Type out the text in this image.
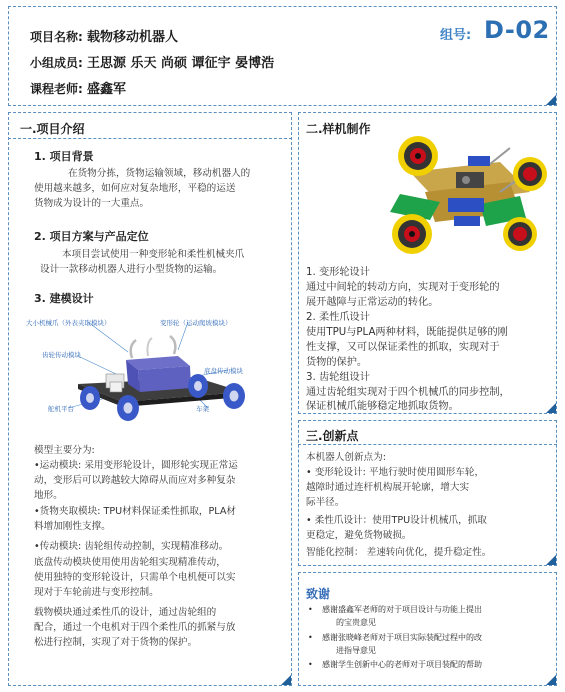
项目名称: 载物移动机器人
小组成员: 王思源 乐天 尚硕 谭征宇 晏博浩
课程老师: 盛鑫军
组号: D-02
一.项目介绍
1. 项目背景
在货物分拣，货物运输领域，移动机器人的
使用越来越多，如何应对复杂地形，平稳的运送
货物成为设计的一大重点。
2. 项目方案与产品定位
本项目尝试使用一种变形轮和柔性机械夹爪
设计一款移动机器人进行小型货物的运输。
3. 建模设计
大小机械爪（外表夹取模块）	变形轮（运动爬坡模块）
齿轮传动模块
底盘传动模块
舵机平台	车架
模型主要分为:
•运动模块: 采用变形轮设计，圆形轮实现正常运
动，变形后可以跨越较大障碍从而应对多种复杂
地形。
•货物夹取模块: TPU材料保证柔性抓取，PLA材
料增加刚性支撑。
•传动模块: 齿轮组传动控制，实现精准移动。
底盘传动模块使用使用齿轮组实现精准传动，
使用独特的变形轮设计，只需单个电机便可以实
现对于车轮前进与变形控制。
载物模块通过柔性爪的设计，通过齿轮组的
配合，通过一个电机对于四个柔性爪的抓紧与放
松进行控制，实现了对于货物的保护。
二.样机制作
1. 变形轮设计
通过中间轮的转动方向，实现对于变形轮的
展开越障与正常运动的转化。
2. 柔性爪设计
使用TPU与PLA两种材料，既能提供足够的刚
性支撑，又可以保证柔性的抓取，实现对于
货物的保护。
3. 齿轮组设计
通过齿轮组实现对于四个机械爪的同步控制，
保证机械爪能够稳定地抓取货物。
三.创新点
本机器人创新点为:
• 变形轮设计: 平地行驶时使用圆形车轮，
越障时通过连杆机构展开轮廓，增大实
际半径。
• 柔性爪设计：使用TPU设计机械爪，抓取
更稳定，避免货物破损。
智能化控制： 差速转向优化，提升稳定性。
致谢
• 感谢盛鑫军老师的对于项目设计与功能上提出
的宝贵意见
• 感谢张晓峰老师对于项目实际装配过程中的改
进指导意见
• 感谢学生创新中心的老师对于项目装配的帮助
